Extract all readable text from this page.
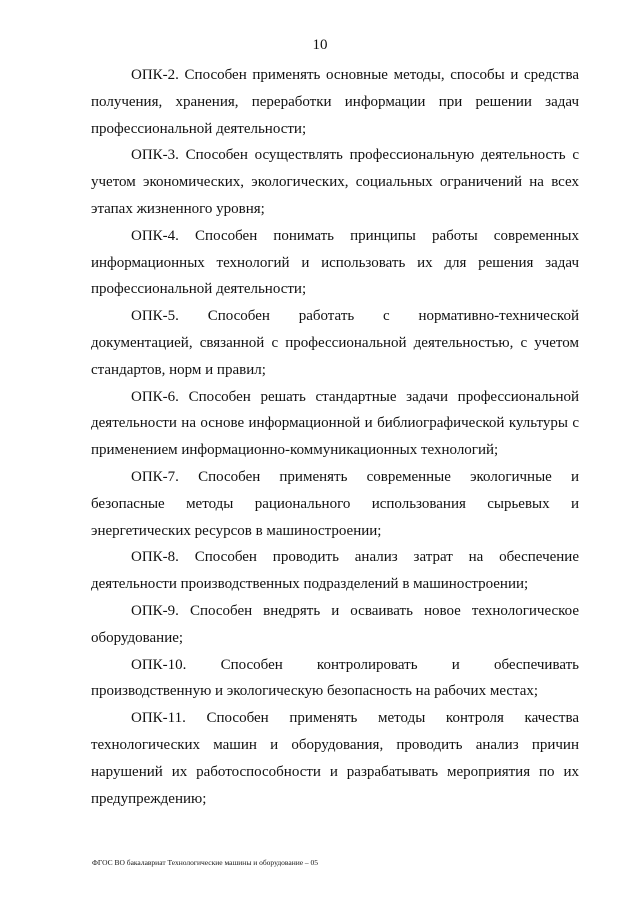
10

ОПК-2. Способен применять основные методы, способы и средства получения, хранения, переработки информации при решении задач профессиональной деятельности;

ОПК-3. Способен осуществлять профессиональную деятельность с учетом экономических, экологических, социальных ограничений на всех этапах жизненного уровня;

ОПК-4. Способен понимать принципы работы современных информационных технологий и использовать их для решения задач профессиональной деятельности;

ОПК-5. Способен работать с нормативно-технической документацией, связанной с профессиональной деятельностью, с учетом стандартов, норм и правил;

ОПК-6. Способен решать стандартные задачи профессиональной деятельности на основе информационной и библиографической культуры с применением информационно-коммуникационных технологий;

ОПК-7. Способен применять современные экологичные и безопасные методы рационального использования сырьевых и энергетических ресурсов в машиностроении;

ОПК-8. Способен проводить анализ затрат на обеспечение деятельности производственных подразделений в машиностроении;

ОПК-9. Способен внедрять и осваивать новое технологическое оборудование;

ОПК-10. Способен контролировать и обеспечивать производственную и экологическую безопасность на рабочих местах;

ОПК-11. Способен применять методы контроля качества технологических машин и оборудования, проводить анализ причин нарушений их работоспособности и разрабатывать мероприятия по их предупреждению;

ФГОС ВО бакалавриат Технологические машины и оборудование – 05
